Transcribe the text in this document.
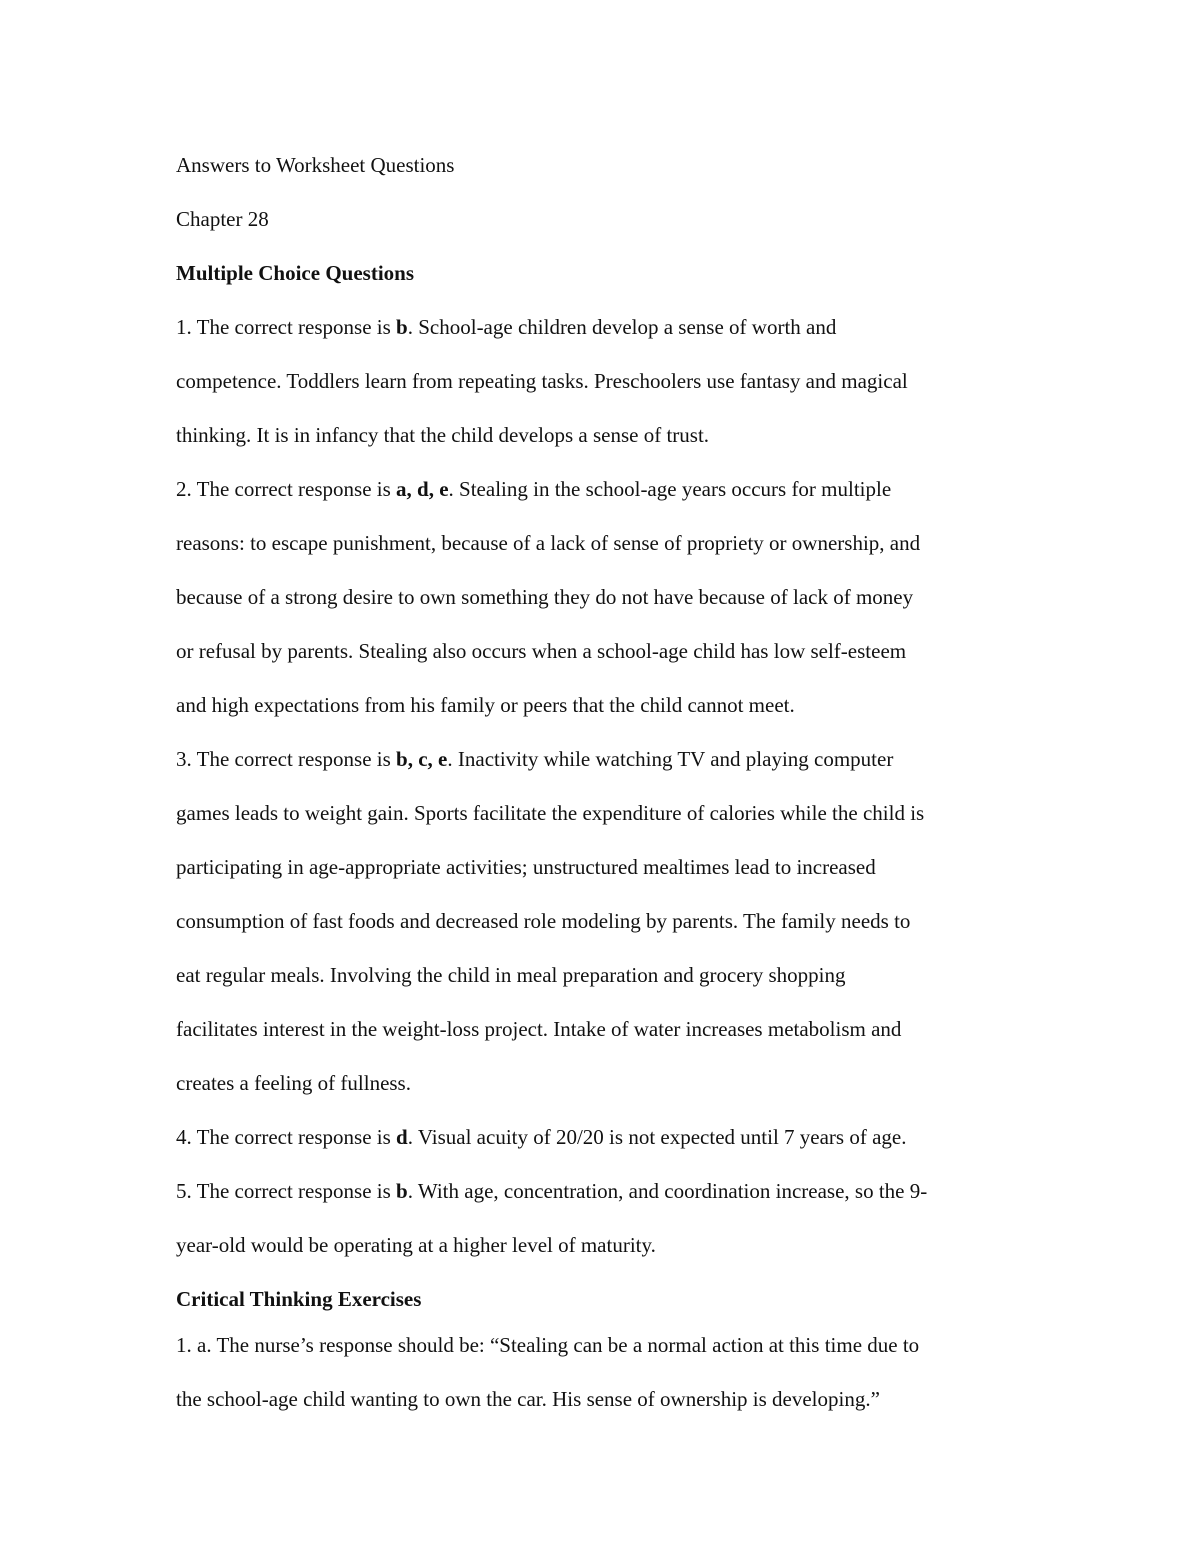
Answers to Worksheet Questions
Chapter 28
Multiple Choice Questions
1. The correct response is b. School-age children develop a sense of worth and
competence. Toddlers learn from repeating tasks. Preschoolers use fantasy and magical
thinking. It is in infancy that the child develops a sense of trust.
2. The correct response is a, d, e. Stealing in the school-age years occurs for multiple
reasons: to escape punishment, because of a lack of sense of propriety or ownership, and
because of a strong desire to own something they do not have because of lack of money
or refusal by parents. Stealing also occurs when a school-age child has low self-esteem
and high expectations from his family or peers that the child cannot meet.
3. The correct response is b, c, e. Inactivity while watching TV and playing computer
games leads to weight gain. Sports facilitate the expenditure of calories while the child is
participating in age-appropriate activities; unstructured mealtimes lead to increased
consumption of fast foods and decreased role modeling by parents. The family needs to
eat regular meals. Involving the child in meal preparation and grocery shopping
facilitates interest in the weight-loss project. Intake of water increases metabolism and
creates a feeling of fullness.
4. The correct response is d. Visual acuity of 20/20 is not expected until 7 years of age.
5. The correct response is b. With age, concentration, and coordination increase, so the 9-
year-old would be operating at a higher level of maturity.
Critical Thinking Exercises
1. a. The nurse’s response should be: “Stealing can be a normal action at this time due to
the school-age child wanting to own the car. His sense of ownership is developing.”
